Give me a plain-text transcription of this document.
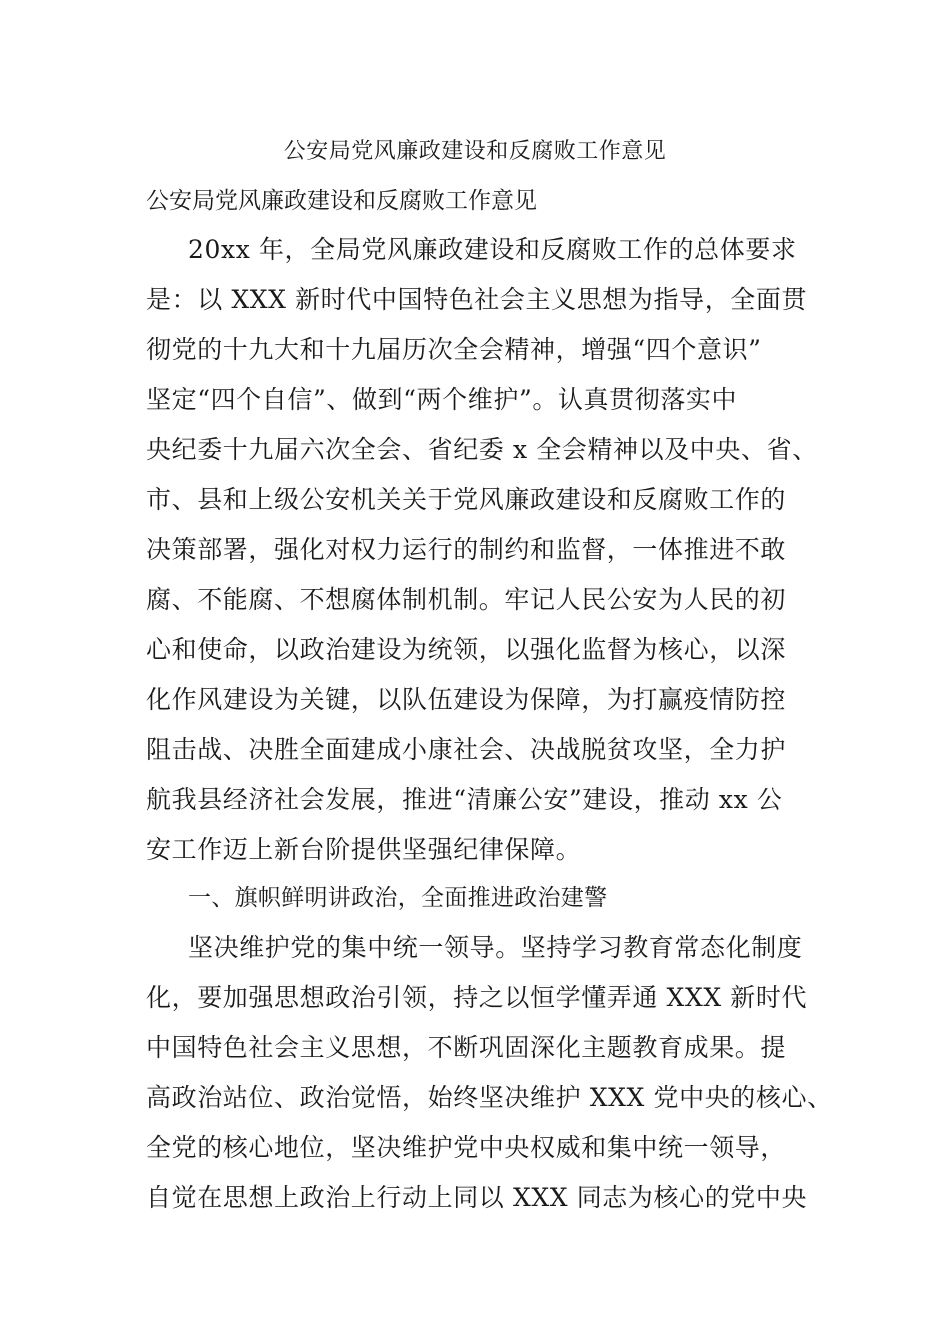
公安局党风廉政建设和反腐败工作意见
公安局党风廉政建设和反腐败工作意见
20xx 年，全局党风廉政建设和反腐败工作的总体要求
是：以 XXX 新时代中国特色社会主义思想为指导，全面贯
彻党的十九大和十九届历次全会精神，增强“四个意识”
坚定“四个自信”、做到“两个维护”。认真贯彻落实中
央纪委十九届六次全会、省纪委 x 全会精神以及中央、省、
市、县和上级公安机关关于党风廉政建设和反腐败工作的
决策部署，强化对权力运行的制约和监督，一体推进不敢
腐、不能腐、不想腐体制机制。牢记人民公安为人民的初
心和使命，以政治建设为统领，以强化监督为核心，以深
化作风建设为关键，以队伍建设为保障，为打赢疫情防控
阻击战、决胜全面建成小康社会、决战脱贫攻坚，全力护
航我县经济社会发展，推进“清廉公安”建设，推动 xx 公
安工作迈上新台阶提供坚强纪律保障。
一、旗帜鲜明讲政治，全面推进政治建警
坚决维护党的集中统一领导。坚持学习教育常态化制度
化，要加强思想政治引领，持之以恒学懂弄通 XXX 新时代
中国特色社会主义思想，不断巩固深化主题教育成果。提
高政治站位、政治觉悟，始终坚决维护 XXX 党中央的核心、
全党的核心地位，坚决维护党中央权威和集中统一领导，
自觉在思想上政治上行动上同以 XXX 同志为核心的党中央
